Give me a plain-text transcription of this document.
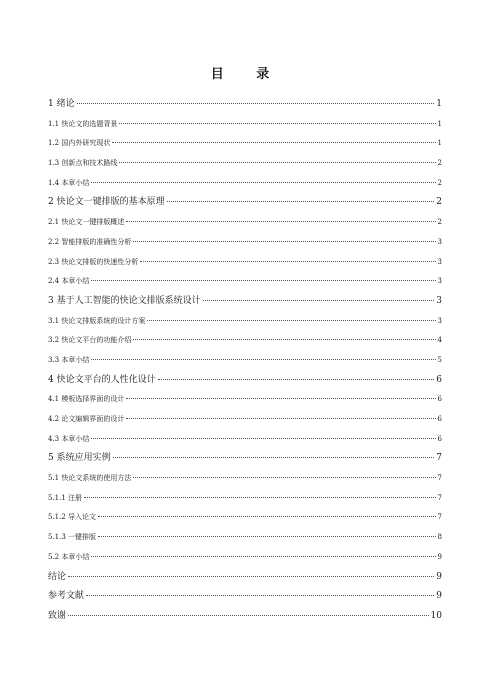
目 录
1 绪论	1
1.1 快论文的选题背景	1
1.2 国内外研究现状	1
1.3 创新点和技术路线	2
1.4 本章小结	2
2 快论文一键排版的基本原理	2
2.1 快论文一键排版概述	2
2.2 智能排版的准确性分析	3
2.3 快论文排版的快速性分析	3
2.4 本章小结	3
3 基于人工智能的快论文排版系统设计	3
3.1 快论文排版系统的设计方案	3
3.2 快论文平台的功能介绍	4
3.3 本章小结	5
4 快论文平台的人性化设计	6
4.1 模板选择界面的设计	6
4.2 论文编辑界面的设计	6
4.3 本章小结	6
5 系统应用实例	7
5.1 快论文系统的使用方法	7
5.1.1 注册	7
5.1.2 导入论文	7
5.1.3 一键排版	8
5.2 本章小结	9
结论	9
参考文献	9
致谢	10
